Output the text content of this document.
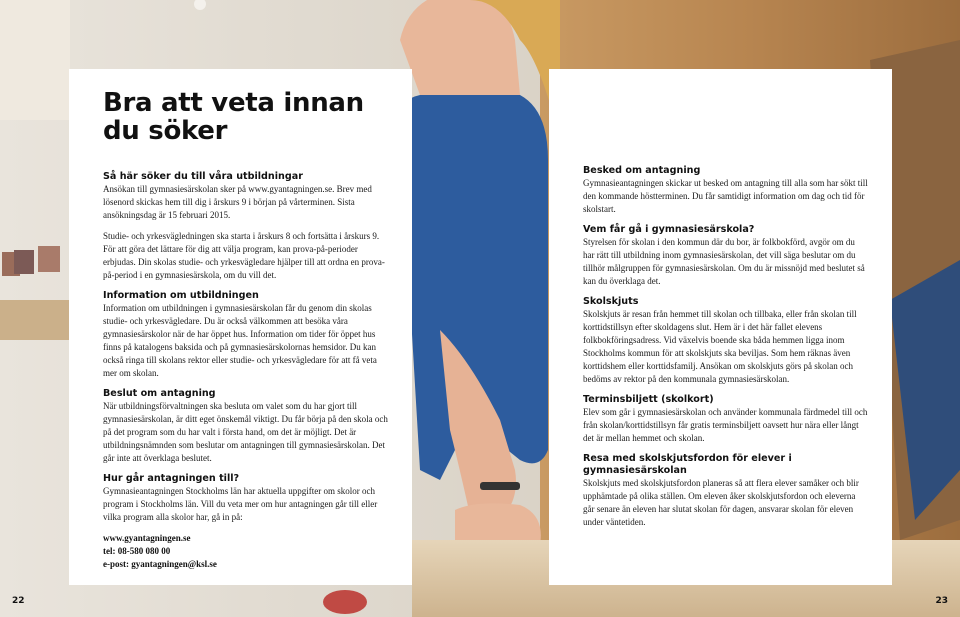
Bra att veta innan
du söker
Så här söker du till våra utbildningar

Ansökan till gymnasiesärskolan sker på www.gyantagningen.se. Brev med lösenord skickas hem till dig i årskurs 9 i början på vårterminen. Sista ansökningsdag är 15 februari 2015.

Studie- och yrkesvägledningen ska starta i årskurs 8 och fortsätta i årskurs 9. För att göra det lättare för dig att välja program, kan prova-på-perioder erbjudas. Din skolas studie- och yrkesvägledare hjälper till att ordna en prova-på-period i en gymnasiesärskola, om du vill det.

Information om utbildningen

Information om utbildningen i gymnasiesärskolan får du genom din skolas studie- och yrkesvägledare. Du är också välkommen att besöka våra gymnasiesärskolor när de har öppet hus. Information om tider för öppet hus finns på katalogens baksida och på gymnasiesärskolornas hemsidor. Du kan också ringa till skolans rektor eller studie- och yrkesvägledare för att få veta mer om skolan.

Beslut om antagning

När utbildningsförvaltningen ska besluta om valet som du har gjort till gymnasiesärskolan, är ditt eget önskemål viktigt. Du får börja på den skola och på det program som du har valt i första hand, om det är möjligt. Det är utbildningsnämnden som beslutar om antagningen till gymnasiesärskolan. Det går inte att överklaga beslutet.

Hur går antagningen till?

Gymnasieantagningen Stockholms län har aktuella uppgifter om skolor och program i Stockholms län. Vill du veta mer om hur antagningen går till eller vilka program alla skolor har, gå in på:

www.gyantagningen.se

tel: 08-580 080 00

e-post: gyantagningen@ksl.se

Besked om antagning

Gymnasieantagningen skickar ut besked om antagning till alla som har sökt till den kommande höstterminen. Du får samtidigt information om dag och tid för skolstart.

Vem får gå i gymnasiesärskola?

Styrelsen för skolan i den kommun där du bor, är folkbokförd, avgör om du har rätt till utbildning inom gymnasiesärskolan, det vill säga beslutar om du tillhör målgruppen för gymnasiesärskolan. Om du är missnöjd med beslutet så kan du överklaga det.

Skolskjuts

Skolskjuts är resan från hemmet till skolan och tillbaka, eller från skolan till korttidstillsyn efter skoldagens slut. Hem är i det här fallet elevens folkbokföringsadress. Vid växelvis boende ska båda hemmen ligga inom Stockholms kommun för att skolskjuts ska beviljas. Som hem räknas även korttidshem eller korttidsfamilj. Ansökan om skolskjuts görs på skolan och bedöms av rektor på den kommunala gymnasiesärskolan.

Terminsbiljett (skolkort)

Elev som går i gymnasiesärskolan och använder kommunala färdmedel till och från skolan/korttidstillsyn får gratis terminsbiljett oavsett hur nära eller långt det är mellan hemmet och skolan.

Resa med skolskjutsfordon för elever i gymnasiesärskolan

Skolskjuts med skolskjutsfordon planeras så att flera elever samåker och blir upphämtade på olika ställen. Om eleven åker skolskjutsfordon och eleverna går senare än eleven har slutat skolan för dagen, ansvarar skolan för eleven under väntetiden.

22	23
